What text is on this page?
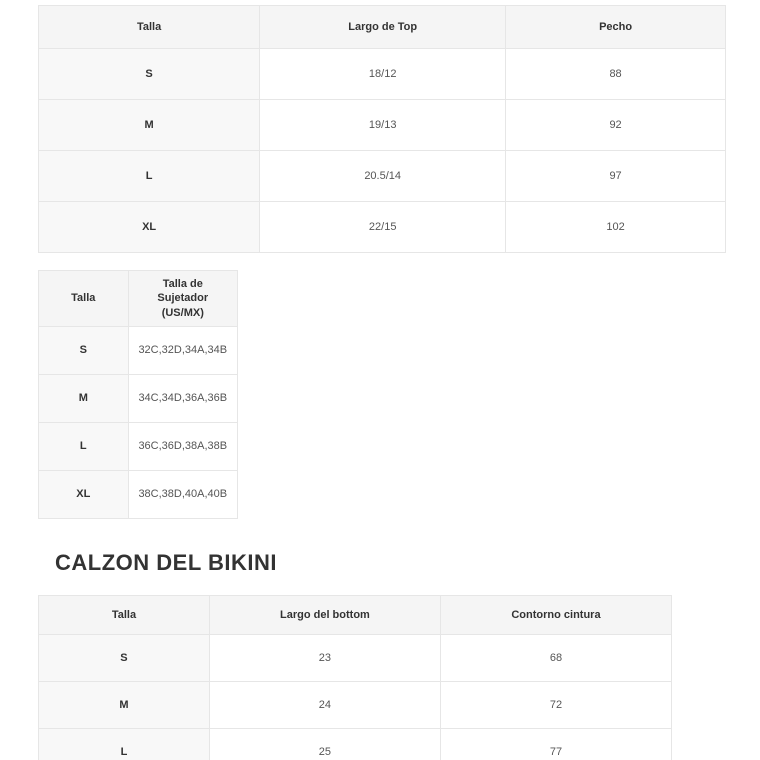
Talla	Largo de Top	Pecho
S	18/12	88
M	19/13	92
L	20.5/14	97
XL	22/15	102
Talla	Talla de Sujetador (US/MX)
S	32C,32D,34A,34B
M	34C,34D,36A,36B
L	36C,36D,38A,38B
XL	38C,38D,40A,40B
CALZON DEL BIKINI
Talla	Largo del bottom	Contorno cintura
S	23	68
M	24	72
L	25	77
